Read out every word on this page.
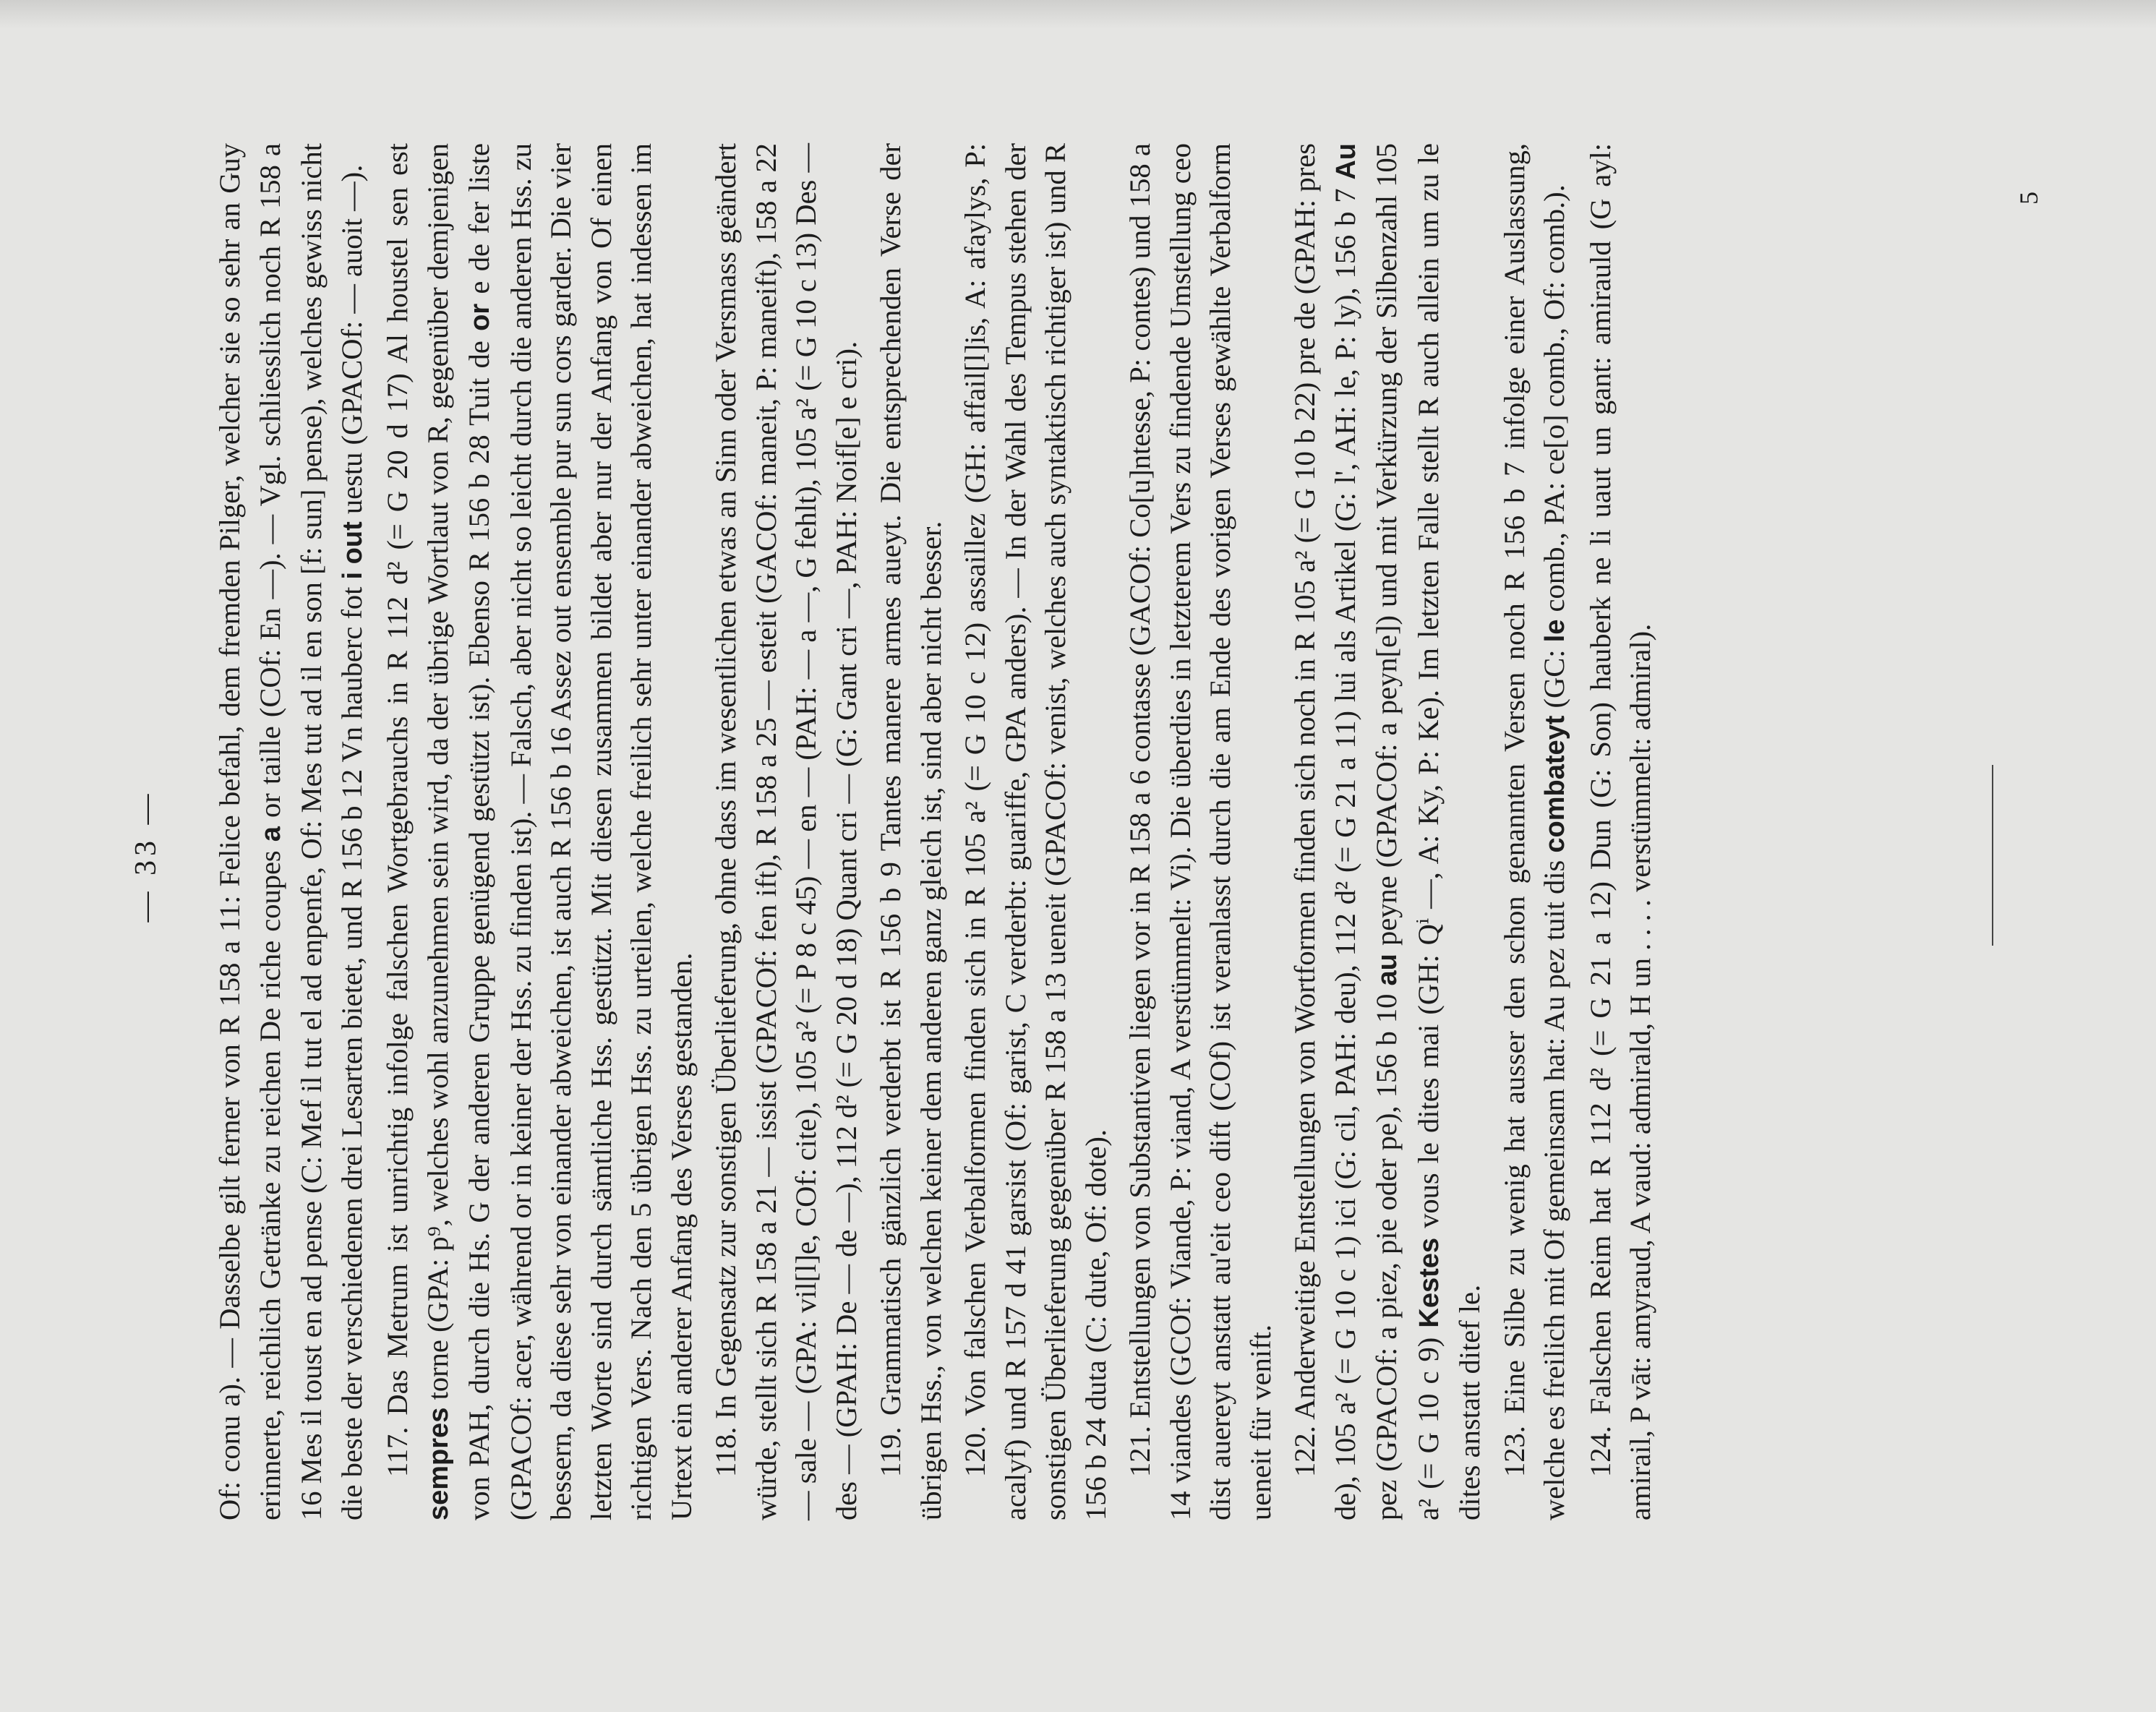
— 33 — Of: conu a). — Dasselbe gilt ferner von R 158 a 11: Felice befahl, dem fremden Pilger, welcher sie so sehr an Guy erinnerte, reichlich Getränke zu reichen De riche coupes a or taille (COf: En —). — Vgl. schliesslich noch R 158 a 16 Mes il toust en ad pense (C: Mef il tut el ad enpenfe, Of: Mes tut ad il en son [f: sun] pense), welches gewiss nicht die beste der verschiedenen drei Lesarten bietet, und R 156 b 12 Vn hauberc fot i out uestu (GPACOf: — auoit —). 117. Das Metrum ist unrichtig infolge falschen Wortgebrauchs in R 112 d² (= G 20 d 17) Al houstel sen est sempres torne (GPA: p⁹, welches wohl anzunehmen sein wird, da der übrige Wortlaut von R, gegenüber demjenigen von PAH, durch die Hs. G der anderen Gruppe genügend gestützt ist). Ebenso R 156 b 28 Tuit de or e de fer liste (GPACOf: acer, während or in keiner der Hss. zu finden ist). — Falsch, aber nicht so leicht durch die anderen Hss. zu bessern, da diese sehr von einander abweichen, ist auch R 156 b 16 Assez out ensemble pur sun cors garder. Die vier letzten Worte sind durch sämtliche Hss. gestützt. Mit diesen zusammen bildet aber nur der Anfang von Of einen richtigen Vers. Nach den 5 übrigen Hss. zu urteilen, welche freilich sehr unter einander abweichen, hat indessen im Urtext ein anderer Anfang des Verses gestanden. 118. In Gegensatz zur sonstigen Überlieferung, ohne dass im wesentlichen etwas an Sinn oder Versmass geändert würde, stellt sich R 158 a 21 — issist (GPACOf: fen ift), R 158 a 25 — esteit (GACOf: maneit, P: maneift), 158 a 22 — sale — (GPA: vil[l]e, COf: cite), 105 a² (= P 8 c 45) — en — (PAH: — a —, G fehlt), 105 a² (= G 10 c 13) Des — des — (GPAH: De — de —), 112 d² (= G 20 d 18) Quant cri — (G: Gant cri —, PAH: Noif[e] e cri). 119. Grammatisch gänzlich verderbt ist R 156 b 9 Tantes manere armes aueyt. Die entsprechenden Verse der übrigen Hss., von welchen keiner dem anderen ganz gleich ist, sind aber nicht besser. 120. Von falschen Verbalformen finden sich in R 105 a² (= G 10 c 12) assaillez (GH: affail[l]is, A: afaylys, P: acalyf) und R 157 d 41 garsist (Of: garist, C verderbt: guariffe, GPA anders). — In der Wahl des Tempus stehen der sonstigen Überlieferung gegenüber R 158 a 13 ueneit (GPACOf: venist, welches auch syntaktisch richtiger ist) und R 156 b 24 duta (C: dute, Of: dote). 121. Entstellungen von Substantiven liegen vor in R 158 a 6 contasse (GACOf: Co[u]ntesse, P: contes) und 158 a 14 viandes (GCOf: Viande, P: viand, A verstümmelt: Vi). Die überdies in letzterem Vers zu findende Umstellung ceo dist auereyt anstatt au'eit ceo dift (COf) ist veranlasst durch die am Ende des vorigen Verses gewählte Verbalform ueneit für venift. 122. Anderweitige Entstellungen von Wortformen finden sich noch in R 105 a² (= G 10 b 22) pre de (GPAH: pres de), 105 a² (= G 10 c 1) ici (G: cil, PAH: deu), 112 d² (= G 21 a 11) lui als Artikel (G: l', AH: le, P: ly), 156 b 7 Au pez (GPACOf: a piez, pie oder pe), 156 b 10 au peyne (GPACOf: a peyn[e]) und mit Verkürzung der Silbenzahl 105 a² (= G 10 c 9) Kestes vous le dites mai (GH: Qⁱ —, A: Ky, P: Ke). Im letzten Falle stellt R auch allein um zu le dites anstatt ditef le. 123. Eine Silbe zu wenig hat ausser den schon genannten Versen noch R 156 b 7 infolge einer Auslassung, welche es freilich mit Of gemeinsam hat: Au pez tuit dis combateyt (GC: le comb., PA: ce[o] comb., Of: comb.). 124. Falschen Reim hat R 112 d² (= G 21 a 12) Dun (G: Son) hauberk ne li uaut un gant: amirauld (G ayl: amirail, P vāt: amyraud, A vaud: admirald, H un . . . . verstümmelt: admiral).

5
